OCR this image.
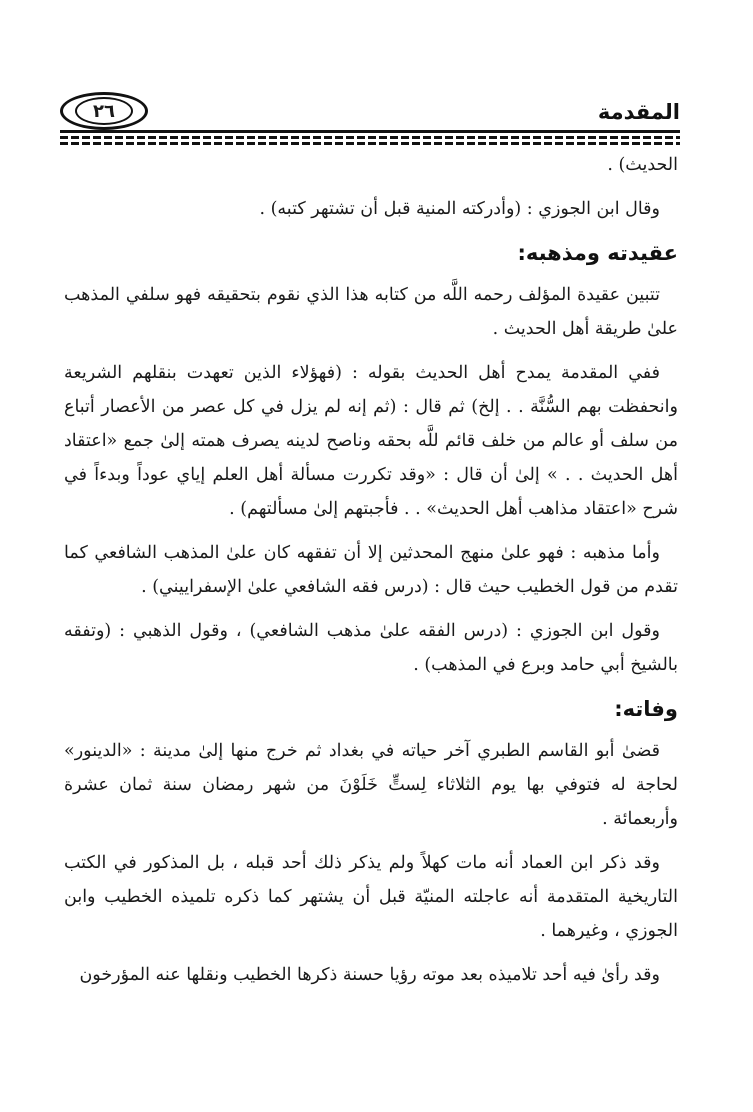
٢٦	المقدمة

الحديث) .

وقال ابن الجوزي : (وأدركته المنية قبل أن تشتهر كتبه) .

عقيدته ومذهبه:

تتبين عقيدة المؤلف رحمه اللَّه من كتابه هذا الذي نقوم بتحقيقه فهو سلفي المذهب علىٰ طريقة أهل الحديث .

ففي المقدمة يمدح أهل الحديث بقوله : (فهؤلاء الذين تعهدت بنقلهم الشريعة وانحفظت بهم السُّنَّة . . إلخ) ثم قال : (ثم إنه لم يزل في كل عصر من الأعصار أتباع من سلف أو عالم من خلف قائم للَّه بحقه وناصح لدينه يصرف همته إلىٰ جمع «اعتقاد أهل الحديث . . » إلىٰ أن قال : «وقد تكررت مسألة أهل العلم إياي عوداً وبدءاً في شرح «اعتقاد مذاهب أهل الحديث» . . فأجبتهم إلىٰ مسألتهم) .

وأما مذهبه : فهو علىٰ منهج المحدثين إلا أن تفقهه كان علىٰ المذهب الشافعي كما تقدم من قول الخطيب حيث قال : (درس فقه الشافعي علىٰ الإسفراييني) .

وقول ابن الجوزي : (درس الفقه علىٰ مذهب الشافعي) ، وقول الذهبي : (وتفقه بالشيخ أبي حامد وبرع في المذهب) .

وفاته:

قضىٰ أبو القاسم الطبري آخر حياته في بغداد ثم خرج منها إلىٰ مدينة : «الدينور» لحاجة له فتوفي بها يوم الثلاثاء لِستٍّ خَلَوْنَ من شهر رمضان سنة ثمان عشرة وأربعمائة .

وقد ذكر ابن العماد أنه مات كهلاً ولم يذكر ذلك أحد قبله ، بل المذكور في الكتب التاريخية المتقدمة أنه عاجلته المنيّة قبل أن يشتهر كما ذكره تلميذه الخطيب وابن الجوزي ، وغيرهما .

وقد رأىٰ فيه أحد تلاميذه بعد موته رؤيا حسنة ذكرها الخطيب ونقلها عنه المؤرخون
